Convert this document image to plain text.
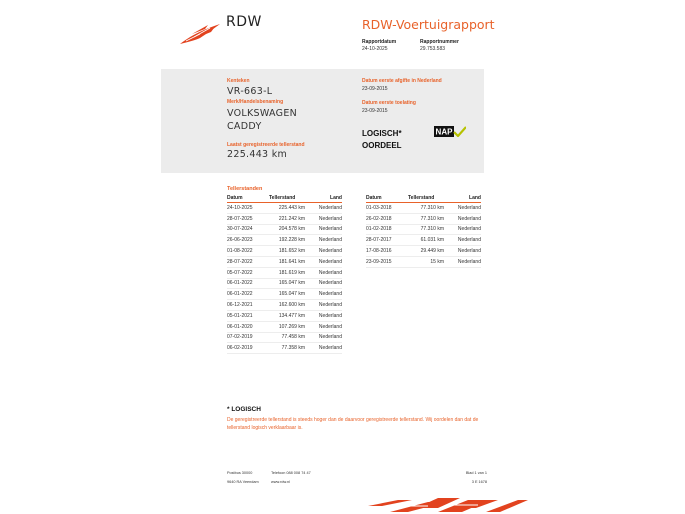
RDW	RDW-Voertuigrapport
Rapportdatum
24-10-2025
Rapportnummer
29.753.583
Kenteken
VR-663-L
Merk/Handelsbenaming
VOLKSWAGEN
CADDY
Laatst geregistreerde tellerstand
225.443 km
Datum eerste afgifte in Nederland
23-09-2015
Datum eerste toelating
23-09-2015
LOGISCH*
OORDEEL
NAP
Tellerstanden
Datum	Tellerstand	Land
24-10-2025	225.443 km	Nederland
28-07-2025	221.242 km	Nederland
30-07-2024	204.578 km	Nederland
26-06-2023	192.228 km	Nederland
01-08-2022	181.652 km	Nederland
28-07-2022	181.641 km	Nederland
05-07-2022	181.619 km	Nederland
06-01-2022	165.047 km	Nederland
06-01-2022	165.047 km	Nederland
06-12-2021	162.600 km	Nederland
05-01-2021	134.477 km	Nederland
06-01-2020	107.269 km	Nederland
07-02-2019	77.458 km	Nederland
06-02-2019	77.358 km	Nederland
Datum	Tellerstand	Land
01-03-2018	77.310 km	Nederland
26-02-2018	77.310 km	Nederland
01-02-2018	77.310 km	Nederland
28-07-2017	61.031 km	Nederland
17-08-2016	29.449 km	Nederland
23-09-2015	15 km	Nederland
* LOGISCH
De geregistreerde tellerstand is steeds hoger dan de daarvoor geregistreerde tellerstand. Wij oordelen dan dat de tellerstand logisch verklaarbaar is.
Postbus 30000
9640 RA Veendam
Telefoon 088 008 74 47
www.rdw.nl
Blad 1 van 1
3 E 1678
